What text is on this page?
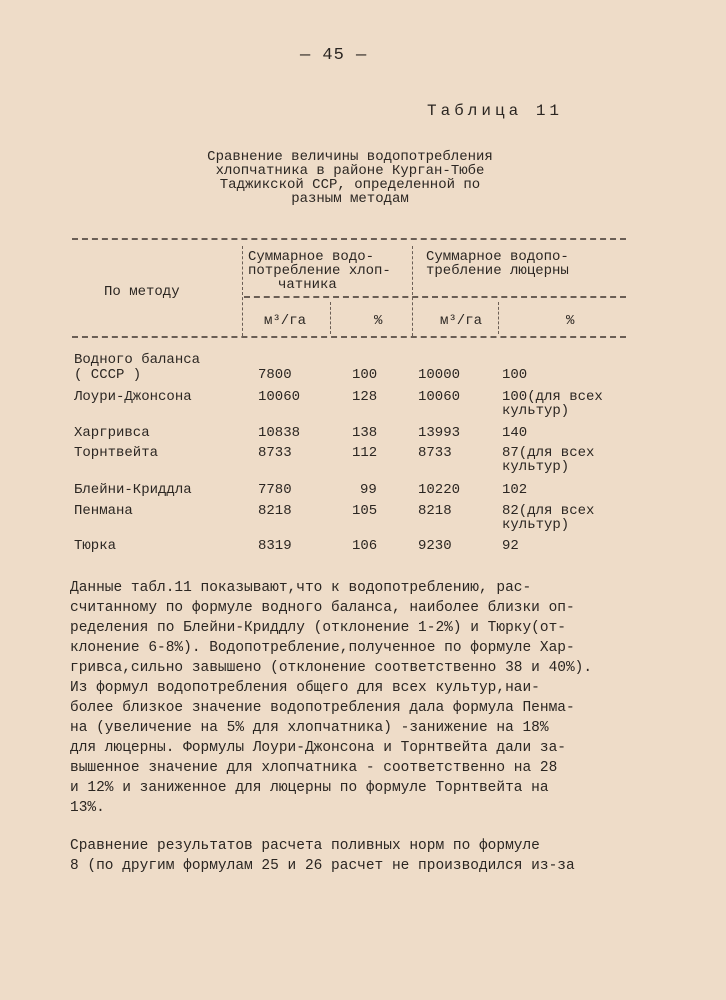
— 45 —
Таблица 11
Сравнение величины водопотребления
хлопчатника в районе Курган-Тюбе
Таджикской ССР, определенной по
разным методам
По методу
Суммарное водо-
потребление хлоп-
чатника
Суммарное водопо-
требление люцерны
м³/га	%	м³/га	%
Водного баланса
( СССР )	7800	100	10000	100
Лоури-Джонсона	10060	128	10060	100(для всех
культур)
Харгривса	10838	138	13993	140
Торнтвейта	8733	112	8733	87(для всех
культур)
Блейни-Криддла	7780	99	10220	102
Пенмана	8218	105	8218	82(для всех
культур)
Тюрка	8319	106	9230	92
Данные табл.11 показывают,что к водопотреблению, рас-
считанному по формуле водного баланса, наиболее близки оп-
ределения по Блейни-Криддлу (отклонение 1-2%) и Тюрку(от-
клонение 6-8%). Водопотребление,полученное по формуле Хар-
гривса,сильно завышено (отклонение соответственно 38 и 40%).
Из формул водопотребления общего для всех культур,наи-
более близкое значение водопотребления дала формула Пенма-
на (увеличение на 5% для хлопчатника) -занижение на 18%
для люцерны. Формулы Лоури-Джонсона и Торнтвейта дали за-
вышенное значение для хлопчатника - соответственно на 28
и 12% и заниженное для люцерны по формуле Торнтвейта на
13%.
Сравнение результатов расчета поливных норм по формуле
8 (по другим формулам 25 и 26 расчет не производился из-за
